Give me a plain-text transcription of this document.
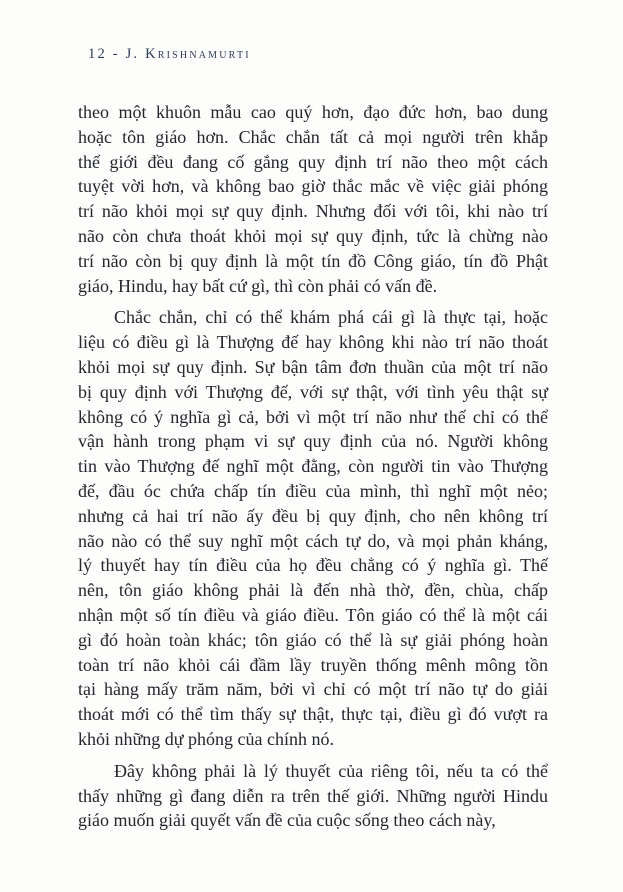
12 - J. Krishnamurti
theo một khuôn mẫu cao quý hơn, đạo đức hơn, bao dung
hoặc tôn giáo hơn. Chắc chắn tất cả mọi người trên khắp
thế giới đều đang cố gắng quy định trí não theo một cách
tuyệt vời hơn, và không bao giờ thắc mắc về việc giải phóng
trí não khỏi mọi sự quy định. Nhưng đối với tôi, khi nào trí
não còn chưa thoát khỏi mọi sự quy định, tức là chừng nào
trí não còn bị quy định là một tín đồ Công giáo, tín đồ Phật
giáo, Hindu, hay bất cứ gì, thì còn phải có vấn đề.
Chắc chắn, chỉ có thể khám phá cái gì là thực tại, hoặc
liệu có điều gì là Thượng đế hay không khi nào trí não thoát
khỏi mọi sự quy định. Sự bận tâm đơn thuần của một trí não
bị quy định với Thượng đế, với sự thật, với tình yêu thật sự
không có ý nghĩa gì cả, bởi vì một trí não như thế chỉ có thể
vận hành trong phạm vi sự quy định của nó. Người không
tin vào Thượng đế nghĩ một đằng, còn người tin vào Thượng
đế, đầu óc chứa chấp tín điều của mình, thì nghĩ một nẻo;
nhưng cả hai trí não ấy đều bị quy định, cho nên không trí
não nào có thể suy nghĩ một cách tự do, và mọi phản kháng,
lý thuyết hay tín điều của họ đều chẳng có ý nghĩa gì. Thế
nên, tôn giáo không phải là đến nhà thờ, đền, chùa, chấp
nhận một số tín điều và giáo điều. Tôn giáo có thể là một cái
gì đó hoàn toàn khác; tôn giáo có thể là sự giải phóng hoàn
toàn trí não khỏi cái đầm lầy truyền thống mênh mông tồn
tại hàng mấy trăm năm, bởi vì chỉ có một trí não tự do giải
thoát mới có thể tìm thấy sự thật, thực tại, điều gì đó vượt ra
khỏi những dự phóng của chính nó.
Đây không phải là lý thuyết của riêng tôi, nếu ta có thể
thấy những gì đang diễn ra trên thế giới. Những người Hindu
giáo muốn giải quyết vấn đề của cuộc sống theo cách này,
